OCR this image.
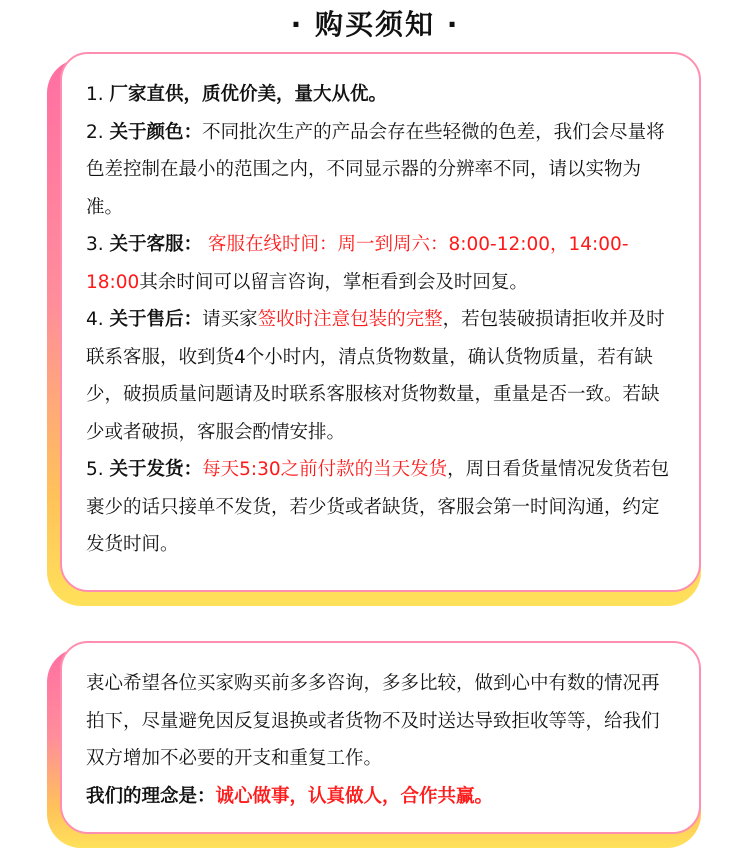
· 购买须知 ·

1. 厂家直供，质优价美，量大从优。

2. 关于颜色：不同批次生产的产品会存在些轻微的色差，我们会尽量将色差控制在最小的范围之内，不同显示器的分辨率不同，请以实物为准。

3. 关于客服： 客服在线时间：周一到周六：8:00-12:00，14:00-18:00其余时间可以留言咨询，掌柜看到会及时回复。

4. 关于售后：请买家签收时注意包装的完整，若包装破损请拒收并及时联系客服，收到货4个小时内，清点货物数量，确认货物质量，若有缺少，破损质量问题请及时联系客服核对货物数量，重量是否一致。若缺少或者破损，客服会酌情安排。

5. 关于发货：每天5:30之前付款的当天发货，周日看货量情况发货若包裹少的话只接单不发货，若少货或者缺货，客服会第一时间沟通，约定发货时间。

衷心希望各位买家购买前多多咨询，多多比较，做到心中有数的情况再拍下，尽量避免因反复退换或者货物不及时送达导致拒收等等，给我们双方增加不必要的开支和重复工作。

我们的理念是：诚心做事，认真做人，合作共赢。
